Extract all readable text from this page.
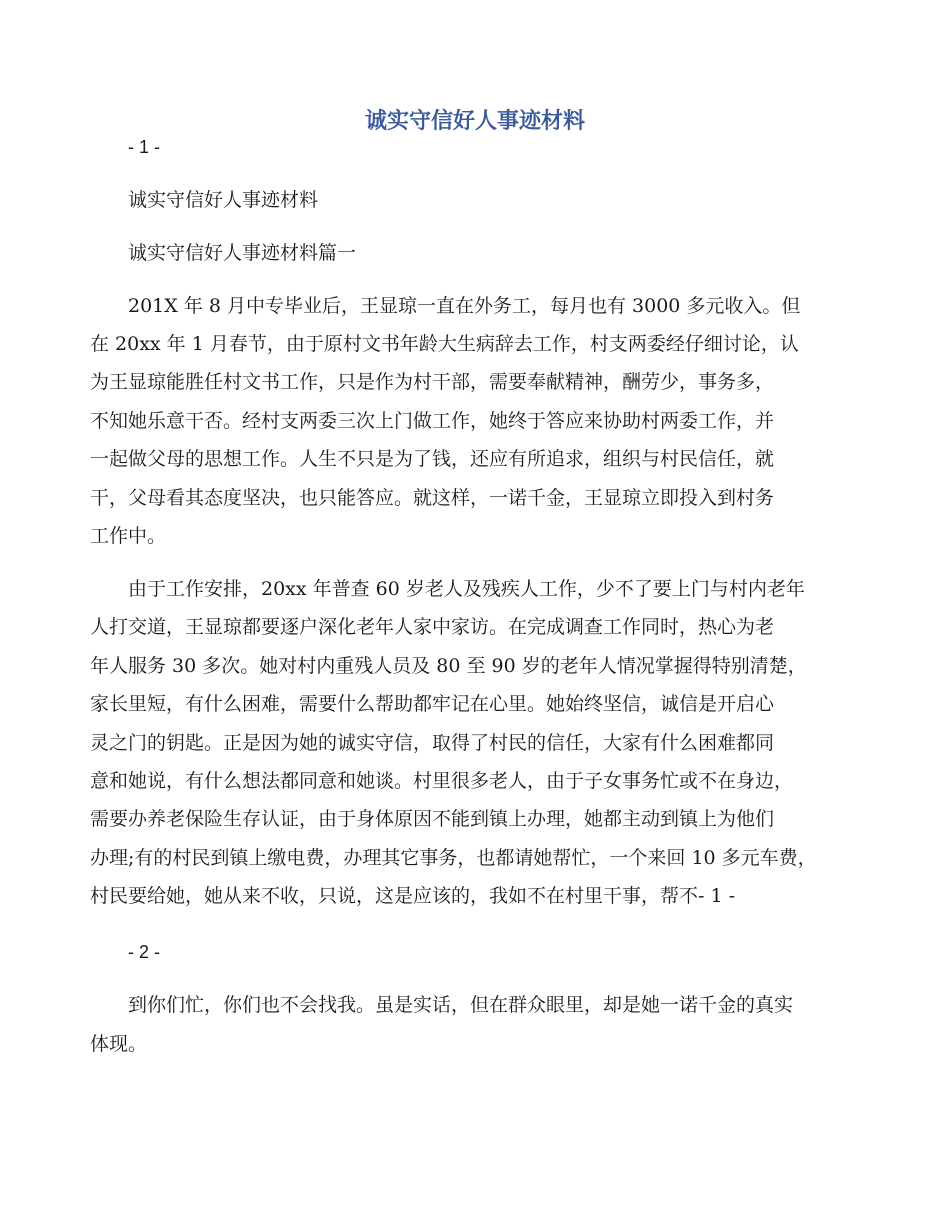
诚实守信好人事迹材料
- 1 -
诚实守信好人事迹材料
诚实守信好人事迹材料篇一
201X 年 8 月中专毕业后，王显琼一直在外务工，每月也有 3000 多元收入。但
在 20xx 年 1 月春节，由于原村文书年龄大生病辞去工作，村支两委经仔细讨论，认
为王显琼能胜任村文书工作，只是作为村干部，需要奉献精神，酬劳少，事务多，
不知她乐意干否。经村支两委三次上门做工作，她终于答应来协助村两委工作，并
一起做父母的思想工作。人生不只是为了钱，还应有所追求，组织与村民信任，就
干，父母看其态度坚决，也只能答应。就这样，一诺千金，王显琼立即投入到村务
工作中。
由于工作安排，20xx 年普查 60 岁老人及残疾人工作，少不了要上门与村内老年
人打交道，王显琼都要逐户深化老年人家中家访。在完成调查工作同时，热心为老
年人服务 30 多次。她对村内重残人员及 80 至 90 岁的老年人情况掌握得特别清楚，
家长里短，有什么困难，需要什么帮助都牢记在心里。她始终坚信，诚信是开启心
灵之门的钥匙。正是因为她的诚实守信，取得了村民的信任，大家有什么困难都同
意和她说，有什么想法都同意和她谈。村里很多老人，由于子女事务忙或不在身边，
需要办养老保险生存认证，由于身体原因不能到镇上办理，她都主动到镇上为他们
办理;有的村民到镇上缴电费，办理其它事务，也都请她帮忙，一个来回 10 多元车费，
村民要给她，她从来不收，只说，这是应该的，我如不在村里干事，帮不- 1 -
- 2 -
到你们忙，你们也不会找我。虽是实话，但在群众眼里，却是她一诺千金的真实
体现。
